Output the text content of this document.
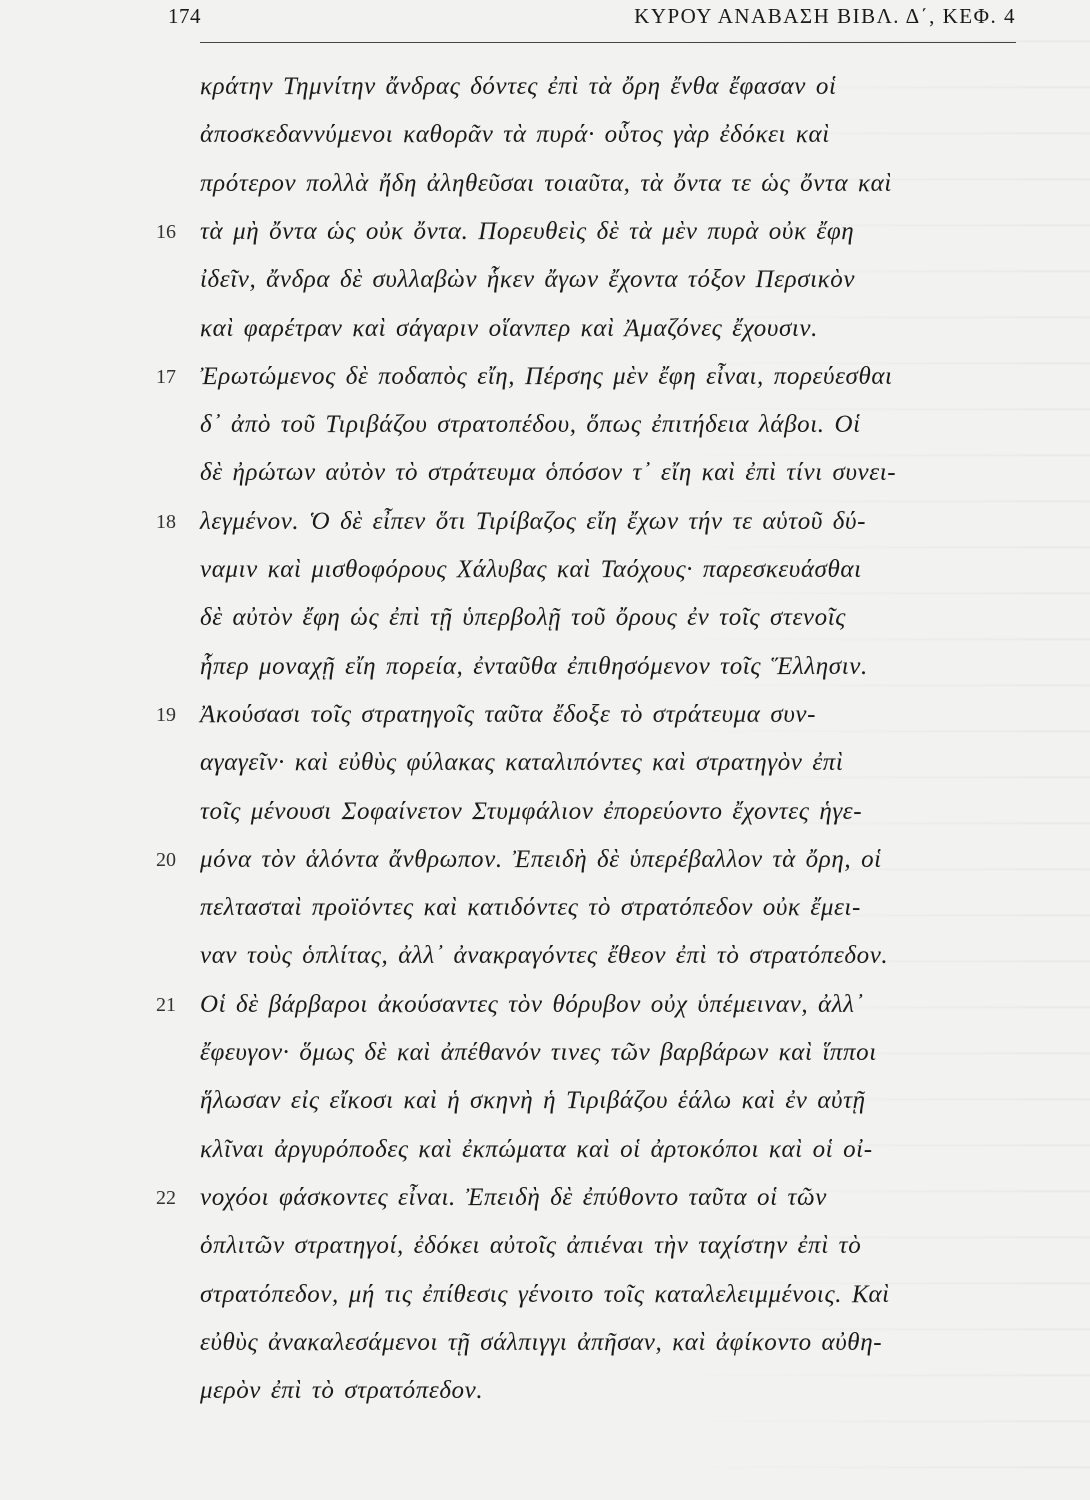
174	ΚΥΡΟΥ ΑΝΑΒΑΣΗ ΒΙΒΛ. Δ΄, ΚΕΦ. 4
κράτην Τημνίτην ἄνδρας δόντες ἐπὶ τὰ ὄρη ἔνθα ἔφασαν οἱ
ἀποσκεδαννύμενοι καθορᾶν τὰ πυρά· οὗτος γὰρ ἐδόκει καὶ
πρότερον πολλὰ ἤδη ἀληθεῦσαι τοιαῦτα, τὰ ὄντα τε ὡς ὄντα καὶ
16 τὰ μὴ ὄντα ὡς οὐκ ὄντα. Πορευθεὶς δὲ τὰ μὲν πυρὰ οὐκ ἔφη
ἰδεῖν, ἄνδρα δὲ συλλαβὼν ἧκεν ἄγων ἔχοντα τόξον Περσικὸν
καὶ φαρέτραν καὶ σάγαριν οἵανπερ καὶ Ἀμαζόνες ἔχουσιν.
17 Ἐρωτώμενος δὲ ποδαπὸς εἴη, Πέρσης μὲν ἔφη εἶναι, πορεύεσθαι
δ᾽ ἀπὸ τοῦ Τιριβάζου στρατοπέδου, ὅπως ἐπιτήδεια λάβοι. Οἱ
δὲ ἠρώτων αὐτὸν τὸ στράτευμα ὁπόσον τ᾽ εἴη καὶ ἐπὶ τίνι συνει-
18 λεγμένον. Ὁ δὲ εἶπεν ὅτι Τιρίβαζος εἴη ἔχων τήν τε αὑτοῦ δύ-
ναμιν καὶ μισθοφόρους Χάλυβας καὶ Ταόχους· παρεσκευάσθαι
δὲ αὐτὸν ἔφη ὡς ἐπὶ τῇ ὑπερβολῇ τοῦ ὄρους ἐν τοῖς στενοῖς
ἧπερ μοναχῇ εἴη πορεία, ἐνταῦθα ἐπιθησόμενον τοῖς Ἕλλησιν.
19 Ἀκούσασι τοῖς στρατηγοῖς ταῦτα ἔδοξε τὸ στράτευμα συν-
αγαγεῖν· καὶ εὐθὺς φύλακας καταλιπόντες καὶ στρατηγὸν ἐπὶ
τοῖς μένουσι Σοφαίνετον Στυμφάλιον ἐπορεύοντο ἔχοντες ἡγε-
20 μόνα τὸν ἁλόντα ἄνθρωπον. Ἐπειδὴ δὲ ὑπερέβαλλον τὰ ὄρη, οἱ
πελτασταὶ προϊόντες καὶ κατιδόντες τὸ στρατόπεδον οὐκ ἔμει-
ναν τοὺς ὁπλίτας, ἀλλ᾽ ἀνακραγόντες ἔθεον ἐπὶ τὸ στρατόπεδον.
21 Οἱ δὲ βάρβαροι ἀκούσαντες τὸν θόρυβον οὐχ ὑπέμειναν, ἀλλ᾽
ἔφευγον· ὅμως δὲ καὶ ἀπέθανόν τινες τῶν βαρβάρων καὶ ἵπποι
ἥλωσαν εἰς εἴκοσι καὶ ἡ σκηνὴ ἡ Τιριβάζου ἑάλω καὶ ἐν αὐτῇ
κλῖναι ἀργυρόποδες καὶ ἐκπώματα καὶ οἱ ἀρτοκόποι καὶ οἱ οἰ-
22 νοχόοι φάσκοντες εἶναι. Ἐπειδὴ δὲ ἐπύθοντο ταῦτα οἱ τῶν
ὁπλιτῶν στρατηγοί, ἐδόκει αὐτοῖς ἀπιέναι τὴν ταχίστην ἐπὶ τὸ
στρατόπεδον, μή τις ἐπίθεσις γένοιτο τοῖς καταλελειμμένοις. Καὶ
εὐθὺς ἀνακαλεσάμενοι τῇ σάλπιγγι ἀπῆσαν, καὶ ἀφίκοντο αὐθη-
μερὸν ἐπὶ τὸ στρατόπεδον.
